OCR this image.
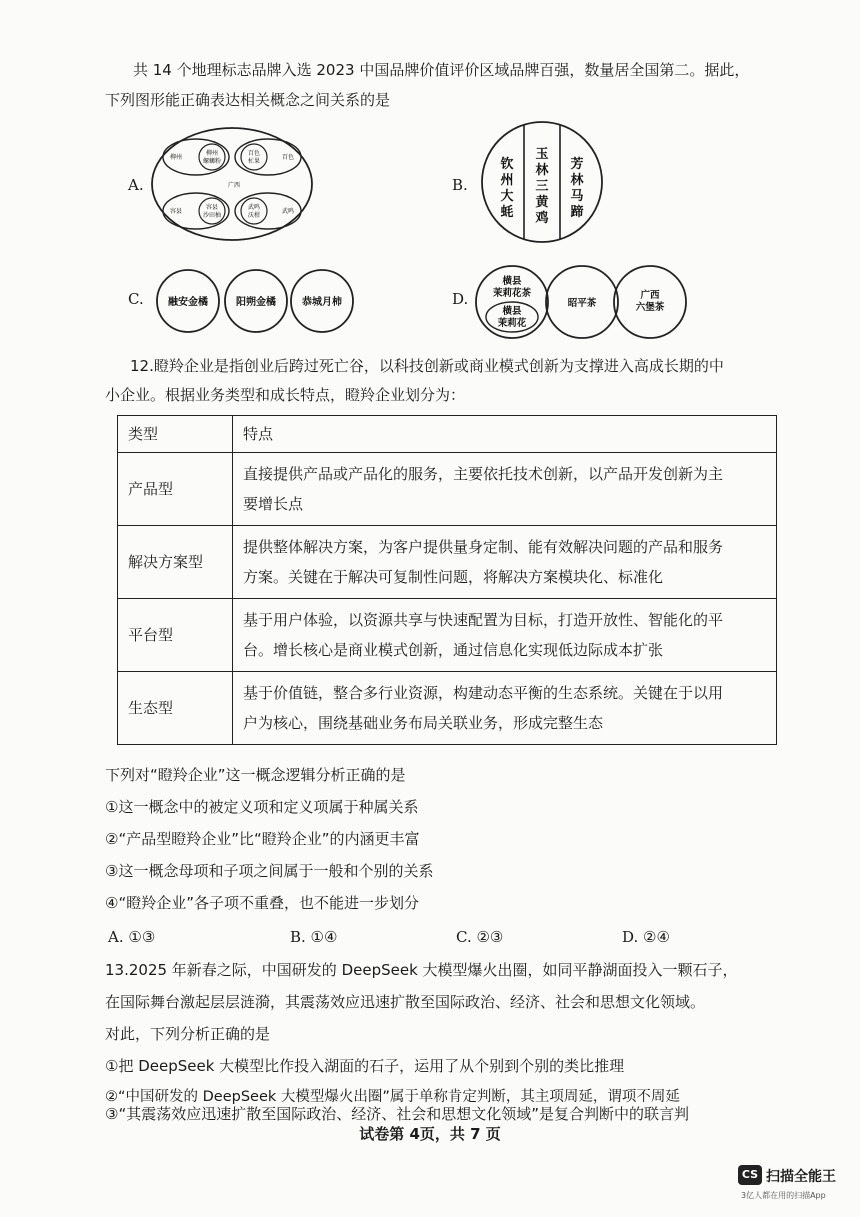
共 14 个地理标志品牌入选 2023 中国品牌价值评价区域品牌百强，数量居全国第二。据此，
下列图形能正确表达相关概念之间关系的是
A.
柳州
柳州
螺蛳粉
百色
百色
杧果
容县
容县
沙田柚
武鸣
武鸣
沃柑
广西	B.
钦
州
大
蚝
玉
林
三
黄
鸡
芳
林
马
蹄
C. 融安金橘	阳朔金橘	恭城月柿	D.
横县
茉莉花茶
横县
茉莉花
昭平茶
广西
六堡茶
12.瞪羚企业是指创业后跨过死亡谷，以科技创新或商业模式创新为支撑进入高成长期的中
小企业。根据业务类型和成长特点，瞪羚企业划分为：
类型	特点
产品型	直接提供产品或产品化的服务，主要依托技术创新，以产品开发创新为主
要增长点

解决方案型	提供整体解决方案，为客户提供量身定制、能有效解决问题的产品和服务
方案。关键在于解决可复制性问题，将解决方案模块化、标准化

平台型	基于用户体验，以资源共享与快速配置为目标，打造开放性、智能化的平
台。增长核心是商业模式创新，通过信息化实现低边际成本扩张

生态型	基于价值链，整合多行业资源，构建动态平衡的生态系统。关键在于以用
户为核心，围绕基础业务布局关联业务，形成完整生态
下列对“瞪羚企业”这一概念逻辑分析正确的是
①这一概念中的被定义项和定义项属于种属关系
②“产品型瞪羚企业”比“瞪羚企业”的内涵更丰富
③这一概念母项和子项之间属于一般和个别的关系
④“瞪羚企业”各子项不重叠，也不能进一步划分
A. ①③	B. ①④	C. ②③	D. ②④
13.2025 年新春之际，中国研发的 DeepSeek 大模型爆火出圈，如同平静湖面投入一颗石子，
在国际舞台激起层层涟漪，其震荡效应迅速扩散至国际政治、经济、社会和思想文化领域。
对此，下列分析正确的是
①把 DeepSeek 大模型比作投入湖面的石子，运用了从个别到个别的类比推理
②“中国研发的 DeepSeek 大模型爆火出圈”属于单称肯定判断，其主项周延，谓项不周延
试卷第 4页，共 7 页
CS 扫描全能王
3亿人都在用的扫描App
③“其震荡效应迅速扩散至国际政治、经济、社会和思想文化领域”是复合判断中的联言判
